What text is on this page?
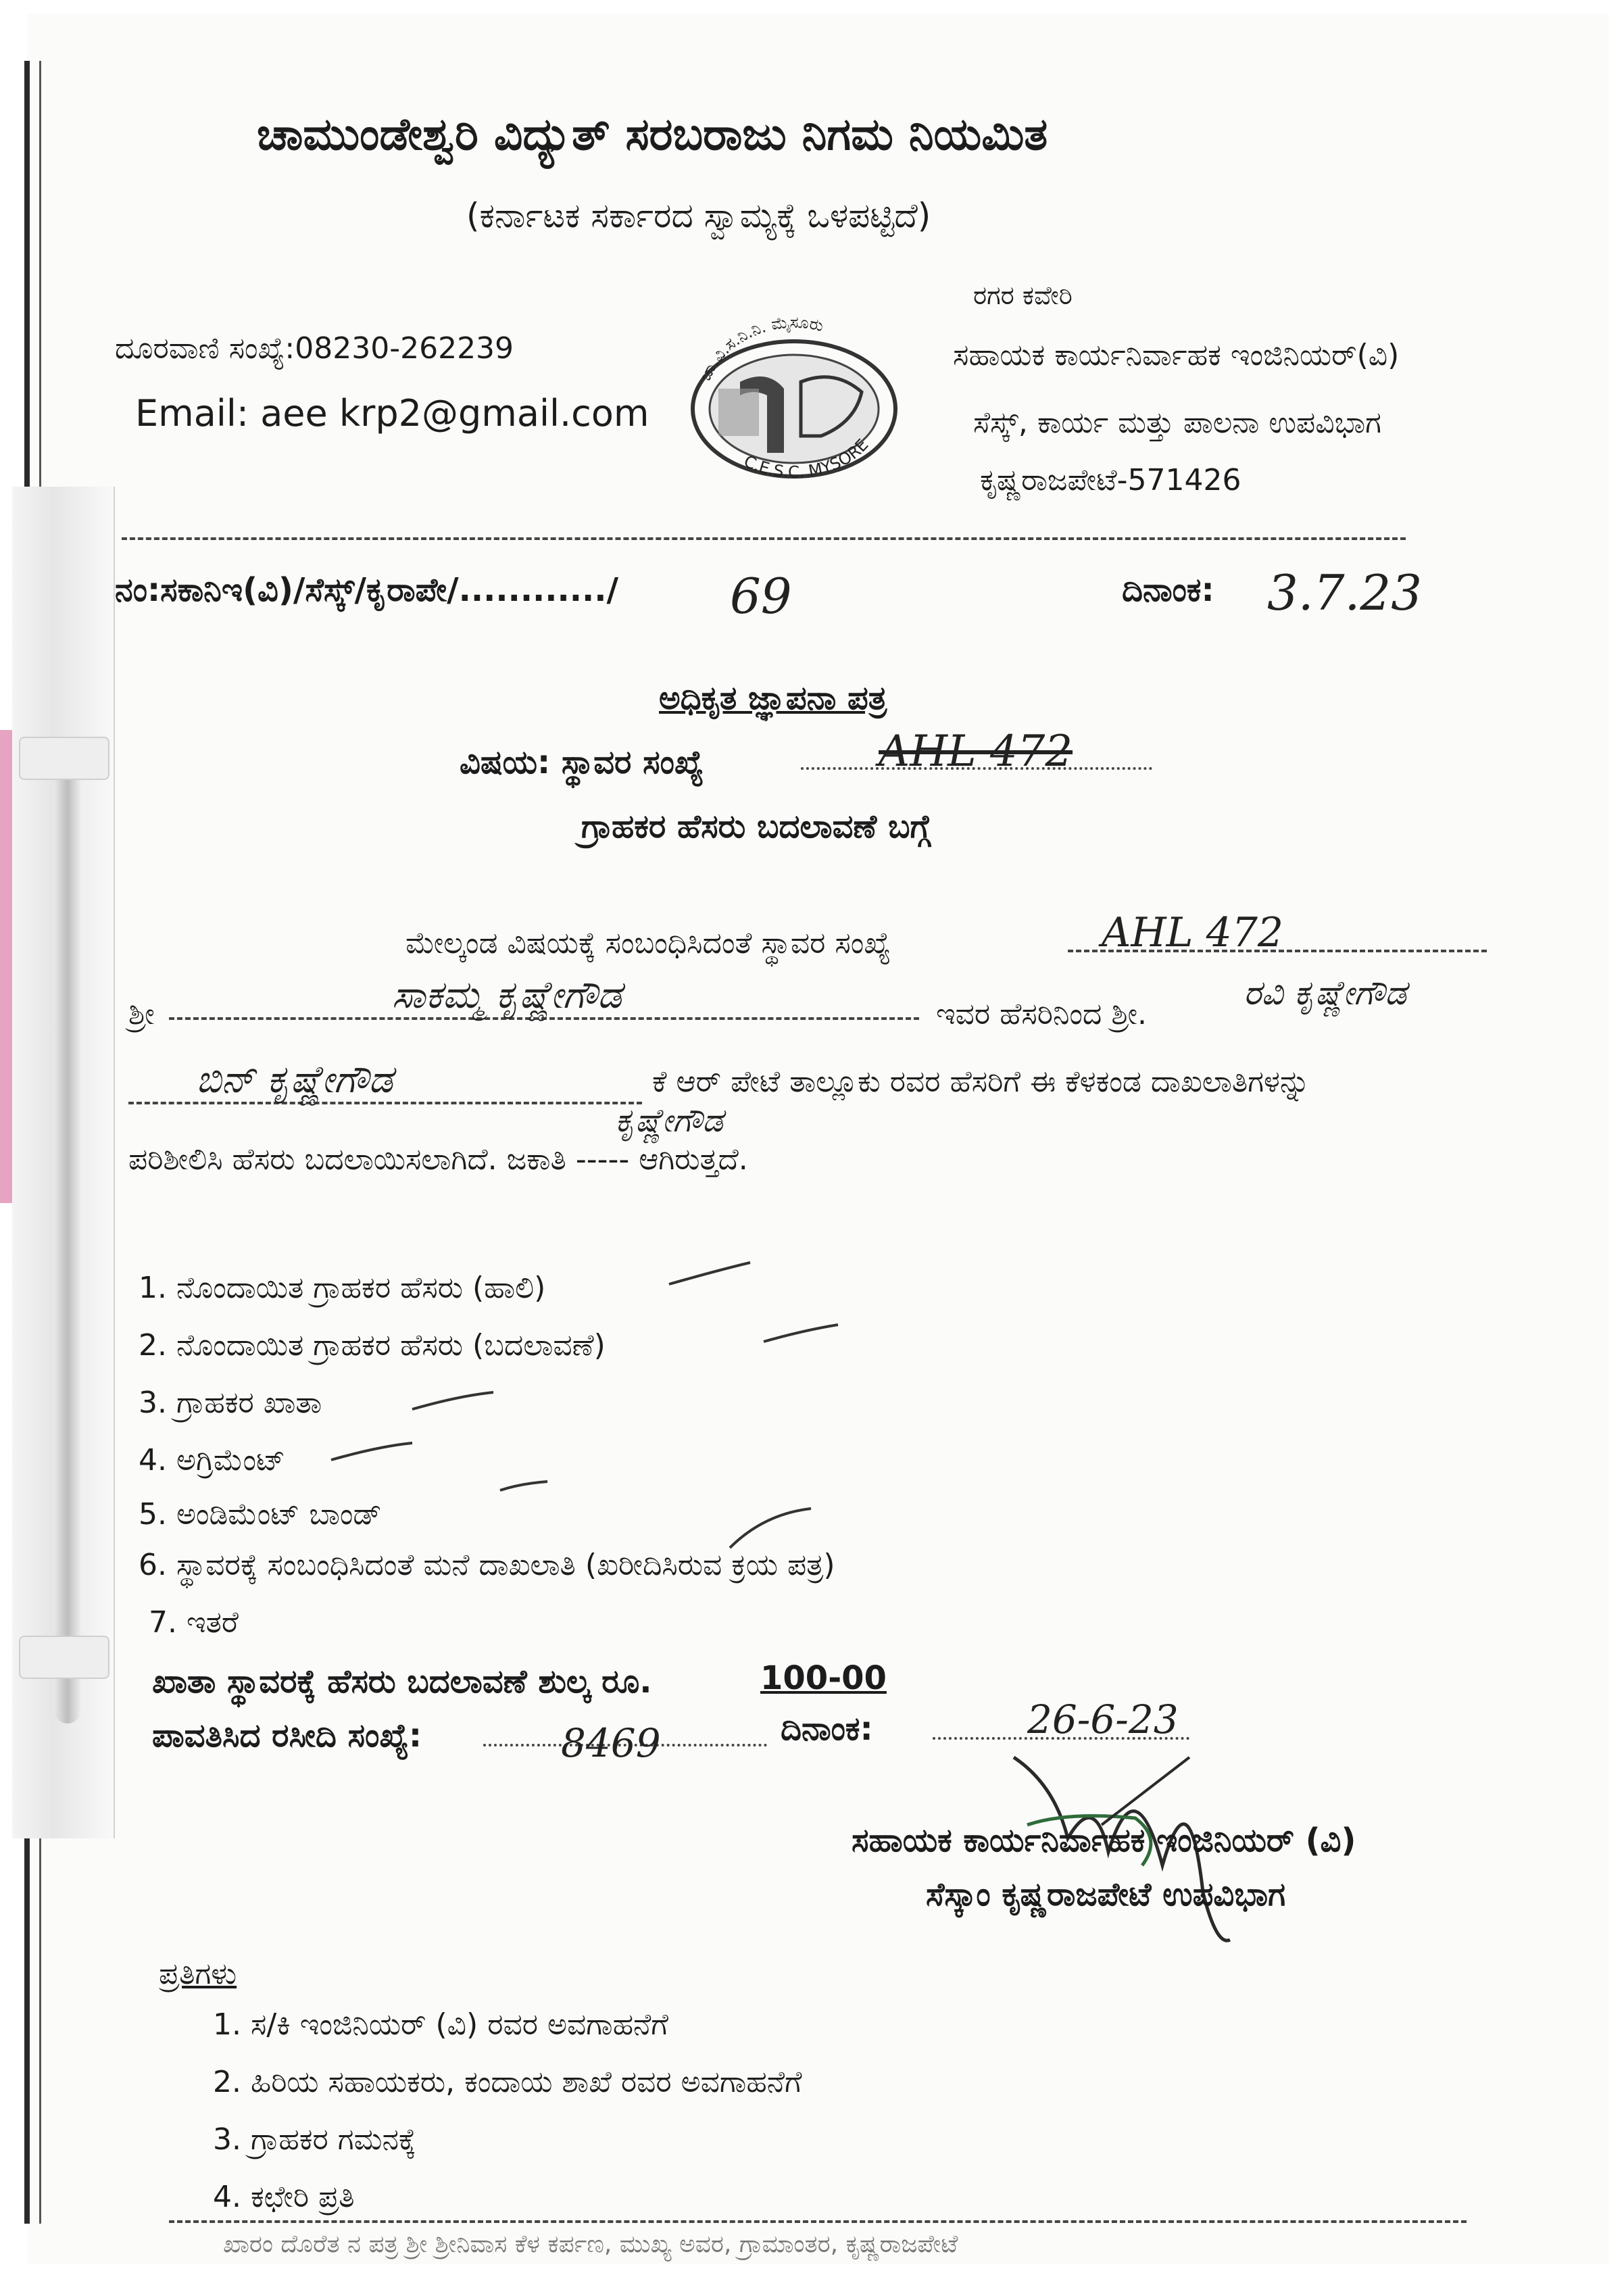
ಚಾಮುಂಡೇಶ್ವರಿ ವಿದ್ಯುತ್ ಸರಬರಾಜು ನಿಗಮ ನಿಯಮಿತ
(ಕರ್ನಾಟಕ ಸರ್ಕಾರದ ಸ್ವಾಮ್ಯಕ್ಕೆ ಒಳಪಟ್ಟಿದೆ)
ದೂರವಾಣಿ ಸಂಖ್ಯೆ:08230-262239
Email: aee krp2@gmail.com
ಚಾ.ವಿ.ಸ.ನಿ.ನಿ. ಮೈಸೂರು
C.E.S.C. MYSORE
ರಗರ ಕವೇರಿ
ಸಹಾಯಕ ಕಾರ್ಯನಿರ್ವಾಹಕ ಇಂಜಿನಿಯರ್(ವಿ)
ಸೆಸ್ಕ್, ಕಾರ್ಯ ಮತ್ತು ಪಾಲನಾ ಉಪವಿಭಾಗ
ಕೃಷ್ಣರಾಜಪೇಟೆ-571426
ನಂ:ಸಕಾನಿಇ(ವಿ)/ಸೆಸ್ಕ್/ಕೃರಾಪೇ/............/ 69	ದಿನಾಂಕ: 3.7.23
ಅಧಿಕೃತ ಜ್ಞಾಪನಾ ಪತ್ರ
ವಿಷಯ: ಸ್ಥಾವರ ಸಂಖ್ಯೆ	AHL 472
ಗ್ರಾಹಕರ ಹೆಸರು ಬದಲಾವಣೆ ಬಗ್ಗೆ
ಮೇಲ್ಕಂಡ ವಿಷಯಕ್ಕೆ ಸಂಬಂಧಿಸಿದಂತೆ ಸ್ಥಾವರ ಸಂಖ್ಯೆ	AHL 472
ಶ್ರೀ	ಸಾಕಮ್ಮ ಕೃಷ್ಣೇಗೌಡ	ಇವರ ಹೆಸರಿನಿಂದ ಶ್ರೀ.
ರವಿ ಕೃಷ್ಣೇಗೌಡ
ಬಿನ್ ಕೃಷ್ಣೇಗೌಡ	ಕೆ ಆರ್ ಪೇಟೆ ತಾಲ್ಲೂಕು ರವರ ಹೆಸರಿಗೆ ಈ ಕೆಳಕಂಡ ದಾಖಲಾತಿಗಳನ್ನು
ಕೃಷ್ಣೇಗೌಡ
ಪರಿಶೀಲಿಸಿ ಹೆಸರು ಬದಲಾಯಿಸಲಾಗಿದೆ. ಜಕಾತಿ ----- ಆಗಿರುತ್ತದೆ.
1. ನೊಂದಾಯಿತ ಗ್ರಾಹಕರ ಹೆಸರು (ಹಾಲಿ)
2. ನೊಂದಾಯಿತ ಗ್ರಾಹಕರ ಹೆಸರು (ಬದಲಾವಣೆ)
3. ಗ್ರಾಹಕರ ಖಾತಾ
4. ಅಗ್ರಿಮೆಂಟ್
5. ಅಂಡಿಮೆಂಟ್ ಬಾಂಡ್
6. ಸ್ಥಾವರಕ್ಕೆ ಸಂಬಂಧಿಸಿದಂತೆ ಮನೆ ದಾಖಲಾತಿ (ಖರೀದಿಸಿರುವ ಕ್ರಯ ಪತ್ರ)
7. ಇತರೆ
ಖಾತಾ ಸ್ಥಾವರಕ್ಕೆ ಹೆಸರು ಬದಲಾವಣೆ ಶುಲ್ಕ ರೂ.	100-00
ಪಾವತಿಸಿದ ರಸೀದಿ ಸಂಖ್ಯೆ:	8469	ದಿನಾಂಕ:	26-6-23
ಸಹಾಯಕ ಕಾರ್ಯನಿರ್ವಾಹಕ ಇಂಜಿನಿಯರ್ (ವಿ)
ಸೆಸ್ಕಾಂ ಕೃಷ್ಣರಾಜಪೇಟೆ ಉಪವಿಭಾಗ
ಪ್ರತಿಗಳು
1. ಸ/ಕಿ ಇಂಜಿನಿಯರ್ (ವಿ) ರವರ ಅವಗಾಹನೆಗೆ
2. ಹಿರಿಯ ಸಹಾಯಕರು, ಕಂದಾಯ ಶಾಖೆ ರವರ ಅವಗಾಹನೆಗೆ
3. ಗ್ರಾಹಕರ ಗಮನಕ್ಕೆ
4. ಕಛೇರಿ ಪ್ರತಿ
ಖಾರಂ ದೊರೆತ ನ ಪತ್ರ ಶ್ರೀ ಶ್ರೀನಿವಾಸ ಕೆಳ ಕರ್ಪಣ, ಮುಖ್ಯ ಅವರ, ಗ್ರಾಮಾಂತರ, ಕೃಷ್ಣರಾಜಪೇಟೆ
